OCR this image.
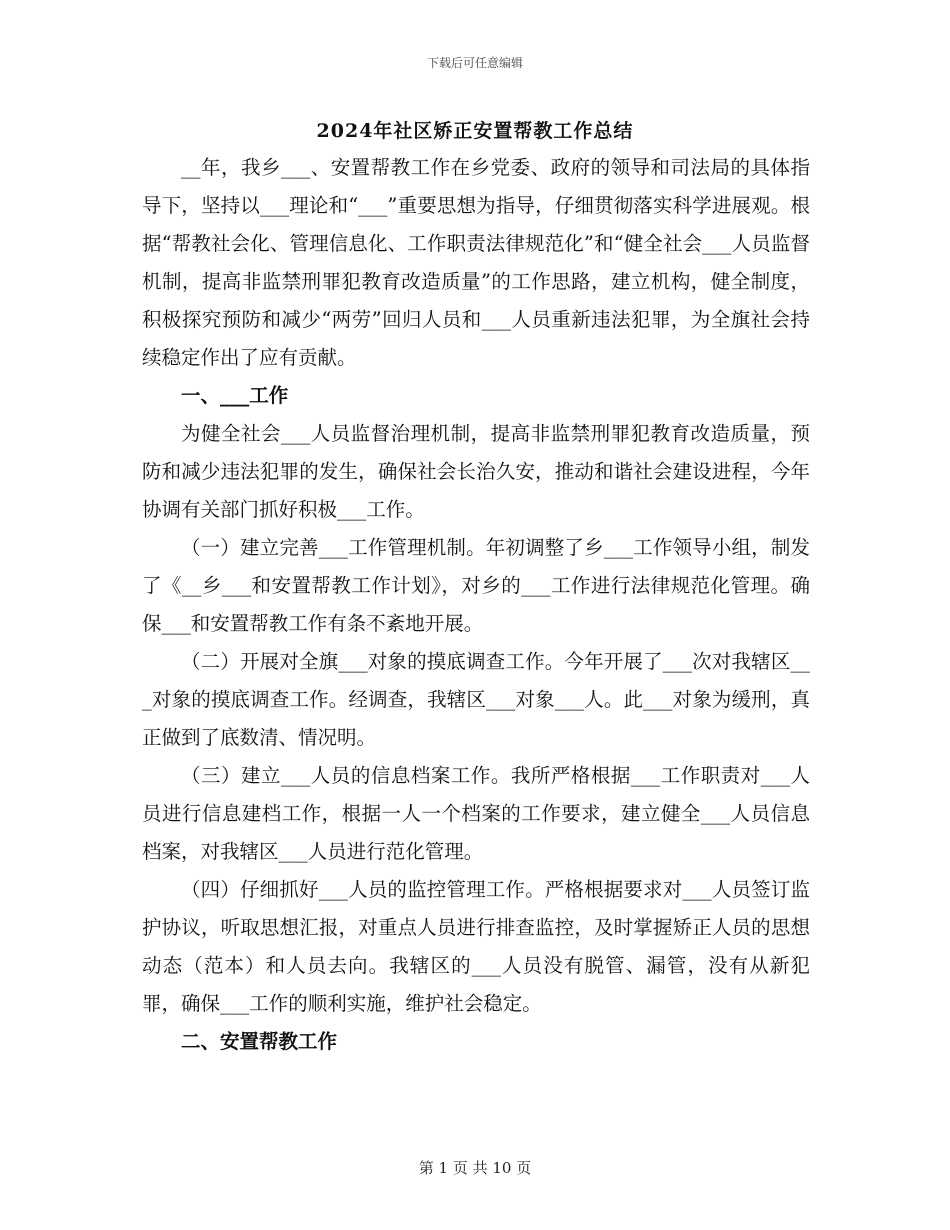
下载后可任意编辑
2024年社区矫正安置帮教工作总结

__年，我乡___、安置帮教工作在乡党委、政府的领导和司法局的具体指导下，坚持以___理论和“___”重要思想为指导，仔细贯彻落实科学进展观。根据“帮教社会化、管理信息化、工作职责法律规范化”和“健全社会___人员监督机制，提高非监禁刑罪犯教育改造质量”的工作思路，建立机构，健全制度，积极探究预防和减少“两劳”回归人员和___人员重新违法犯罪，为全旗社会持续稳定作出了应有贡献。

一、___工作

为健全社会___人员监督治理机制，提高非监禁刑罪犯教育改造质量，预防和减少违法犯罪的发生，确保社会长治久安，推动和谐社会建设进程，今年协调有关部门抓好积极___工作。

（一）建立完善___工作管理机制。年初调整了乡___工作领导小组，制发了《__乡___和安置帮教工作计划》，对乡的___工作进行法律规范化管理。确保___和安置帮教工作有条不紊地开展。

（二）开展对全旗___对象的摸底调查工作。今年开展了___次对我辖区___对象的摸底调查工作。经调查，我辖区___对象___人。此___对象为缓刑，真正做到了底数清、情况明。

（三）建立___人员的信息档案工作。我所严格根据___工作职责对___人员进行信息建档工作，根据一人一个档案的工作要求，建立健全___人员信息档案，对我辖区___人员进行范化管理。

（四）仔细抓好___人员的监控管理工作。严格根据要求对___人员签订监护协议，听取思想汇报，对重点人员进行排查监控，及时掌握矫正人员的思想动态（范本）和人员去向。我辖区的___人员没有脱管、漏管，没有从新犯罪，确保___工作的顺利实施，维护社会稳定。

二、安置帮教工作
第 1 页 共 10 页
